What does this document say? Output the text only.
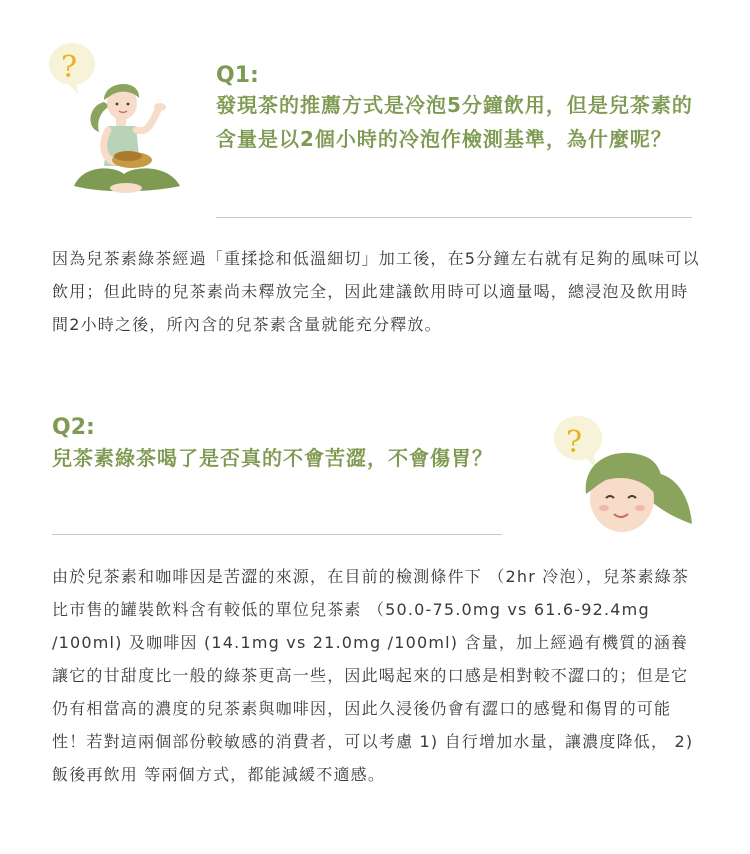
?	Q1:
發現茶的推薦方式是冷泡5分鐘飲用，但是兒茶素的含量是以2個小時的冷泡作檢測基準，為什麼呢？
因為兒茶素綠茶經過「重揉捻和低溫細切」加工後，在5分鐘左右就有足夠的風味可以飲用；但此時的兒茶素尚未釋放完全，因此建議飲用時可以適量喝，總浸泡及飲用時間2小時之後，所內含的兒茶素含量就能充分釋放。
Q2:
兒茶素綠茶喝了是否真的不會苦澀，不會傷胃？	?
由於兒茶素和咖啡因是苦澀的來源，在目前的檢測條件下 （2hr 冷泡），兒茶素綠茶比市售的罐裝飲料含有較低的單位兒茶素 （50.0-75.0mg vs 61.6-92.4mg /100ml) 及咖啡因 (14.1mg vs 21.0mg /100ml) 含量，加上經過有機質的涵養讓它的甘甜度比一般的綠茶更高一些，因此喝起來的口感是相對較不澀口的；但是它仍有相當高的濃度的兒茶素與咖啡因，因此久浸後仍會有澀口的感覺和傷胃的可能性！若對這兩個部份較敏感的消費者，可以考慮 1) 自行增加水量，讓濃度降低， 2) 飯後再飲用 等兩個方式，都能減緩不適感。
